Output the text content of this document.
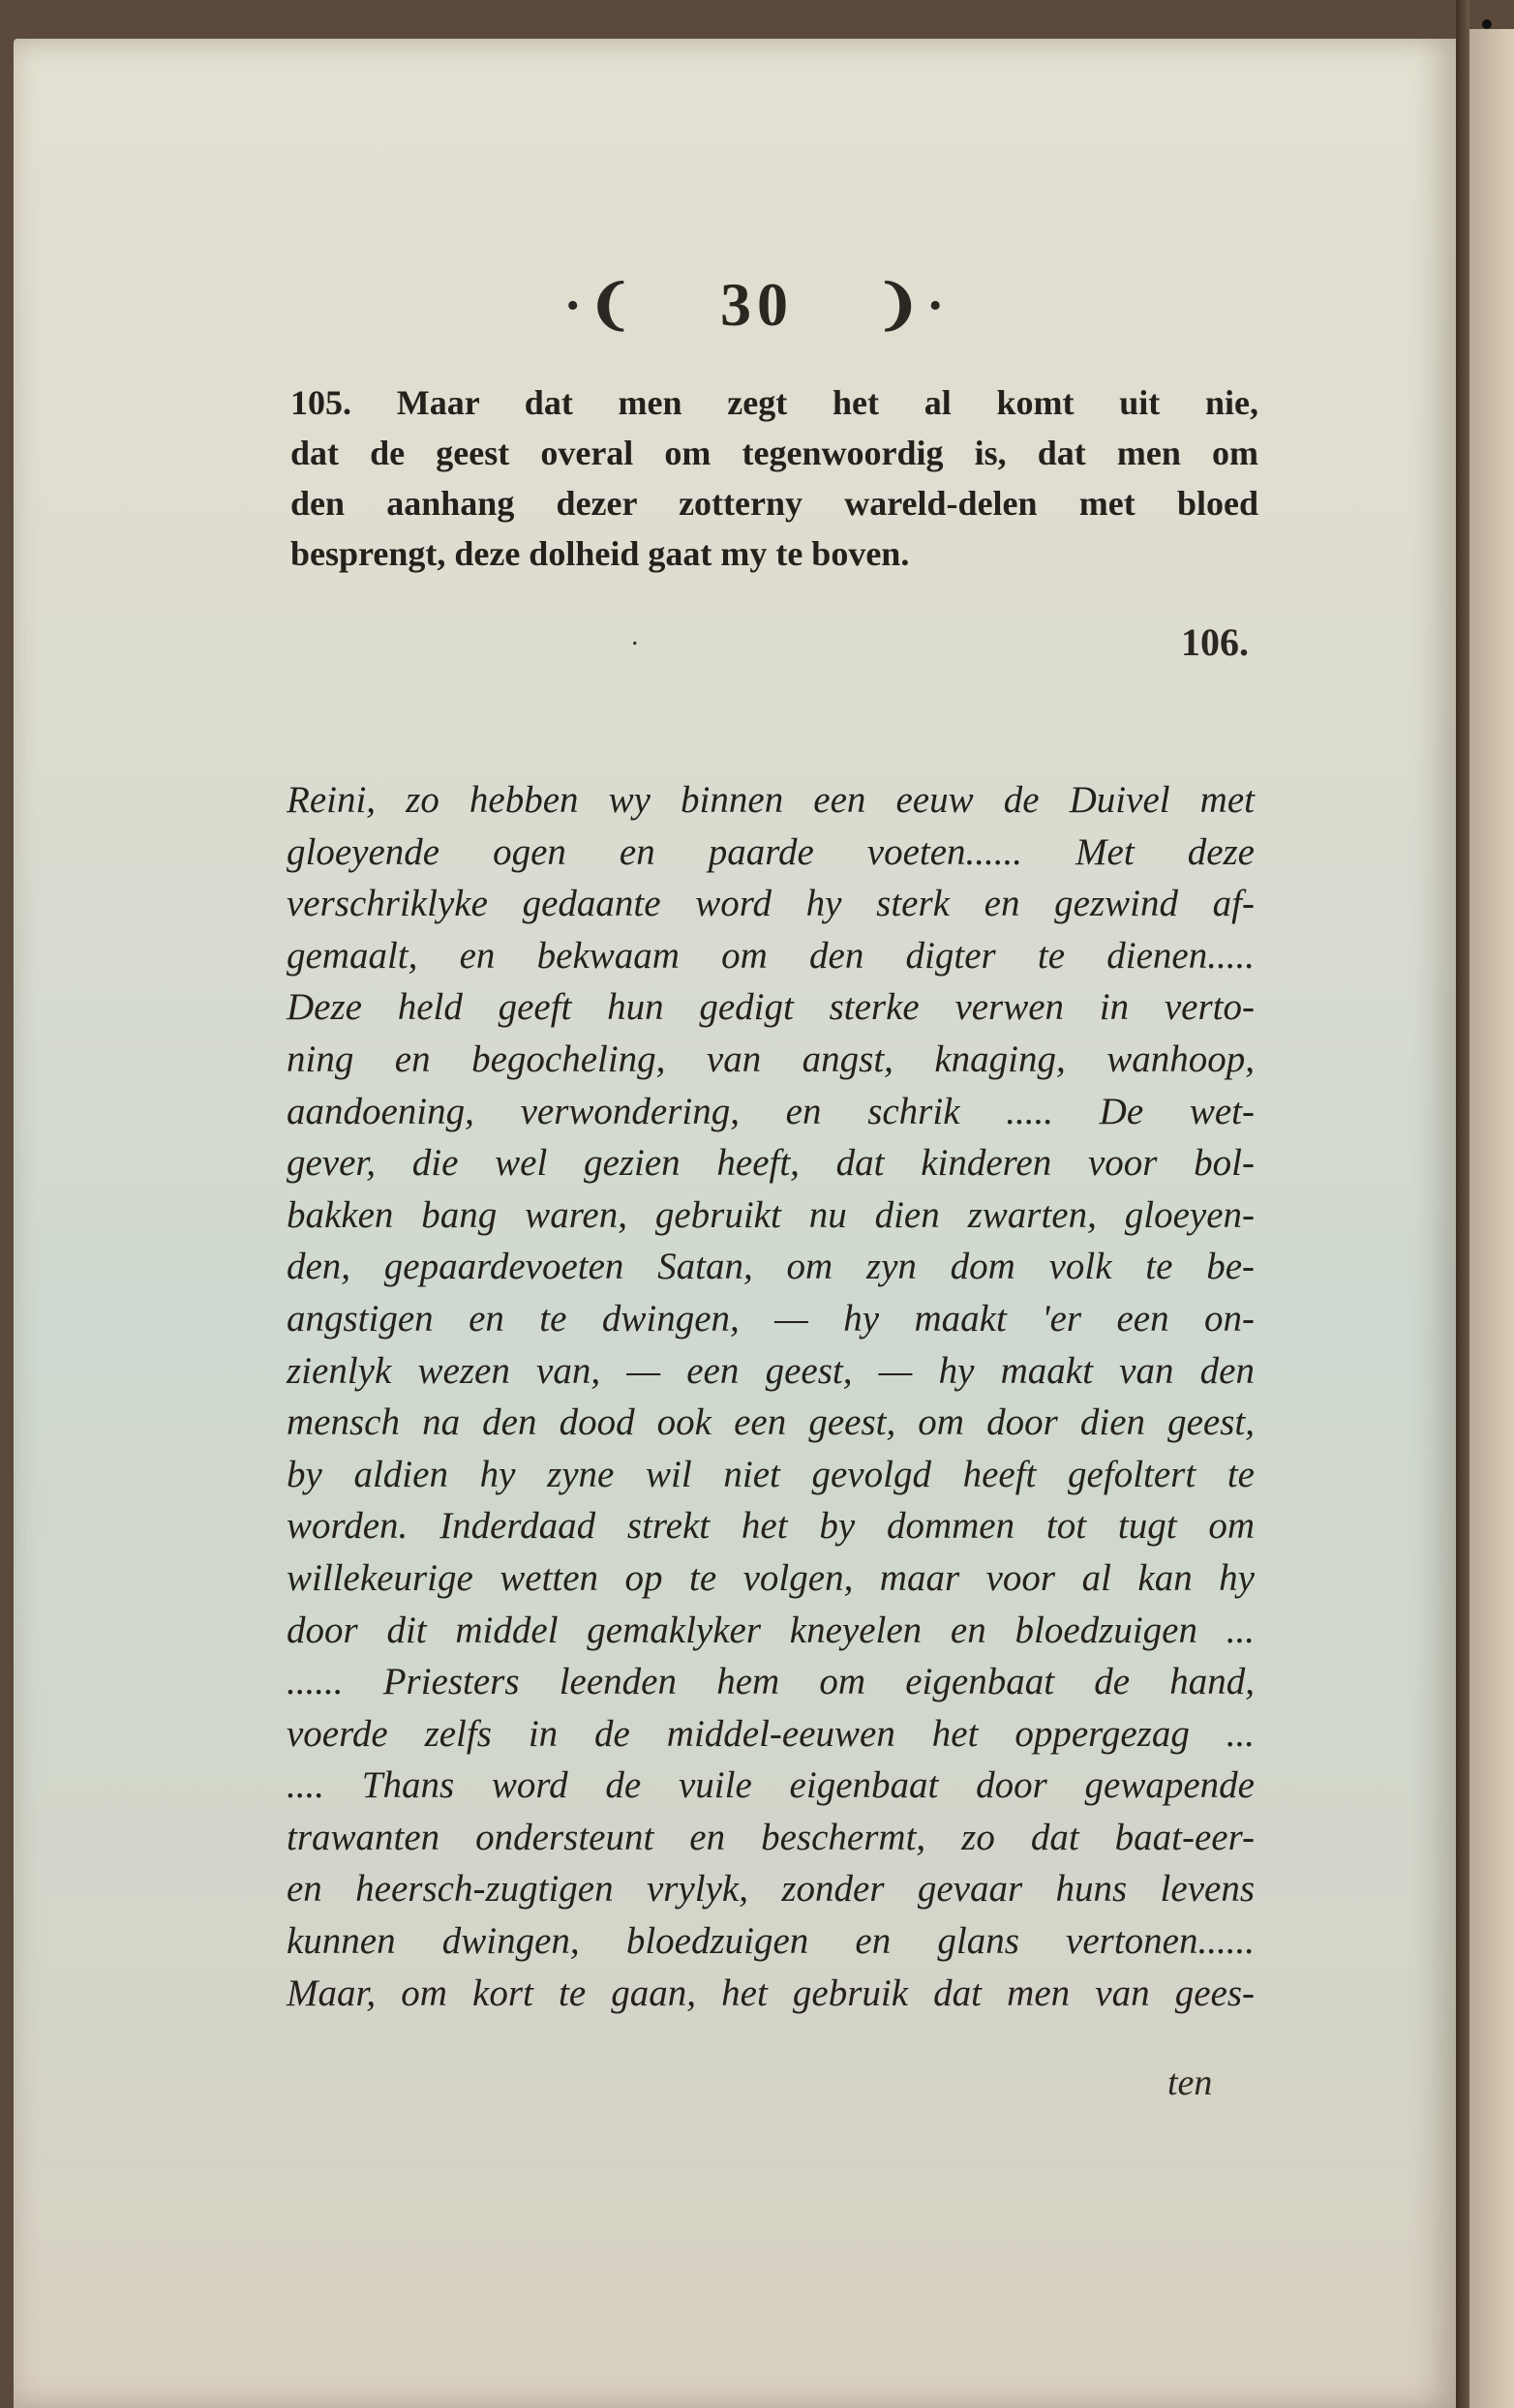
·❨ 30 ❩·
105. Maar dat men zegt het al komt uit nie,
dat de geest overal om tegenwoordig is, dat men om
den aanhang dezer zotterny wareld-delen met bloed
besprengt, deze dolheid gaat my te boven.
.	106.
Reini, zo hebben wy binnen een eeuw de Duivel met
gloeyende ogen en paarde voeten...... Met deze
verschriklyke gedaante word hy sterk en gezwind af-
gemaalt, en bekwaam om den digter te dienen.....
Deze held geeft hun gedigt sterke verwen in verto-
ning en begocheling, van angst, knaging, wanhoop,
aandoening, verwondering, en schrik ..... De wet-
gever, die wel gezien heeft, dat kinderen voor bol-
bakken bang waren, gebruikt nu dien zwarten, gloeyen-
den, gepaardevoeten Satan, om zyn dom volk te be-
angstigen en te dwingen, — hy maakt 'er een on-
zienlyk wezen van, — een geest, — hy maakt van den
mensch na den dood ook een geest, om door dien geest,
by aldien hy zyne wil niet gevolgd heeft gefoltert te
worden. Inderdaad strekt het by dommen tot tugt om
willekeurige wetten op te volgen, maar voor al kan hy
door dit middel gemaklyker kneyelen en bloedzuigen ...
...... Priesters leenden hem om eigenbaat de hand,
voerde zelfs in de middel-eeuwen het oppergezag ...
.... Thans word de vuile eigenbaat door gewapende
trawanten ondersteunt en beschermt, zo dat baat-eer-
en heersch-zugtigen vrylyk, zonder gevaar huns levens
kunnen dwingen, bloedzuigen en glans vertonen......
Maar, om kort te gaan, het gebruik dat men van gees-
ten
